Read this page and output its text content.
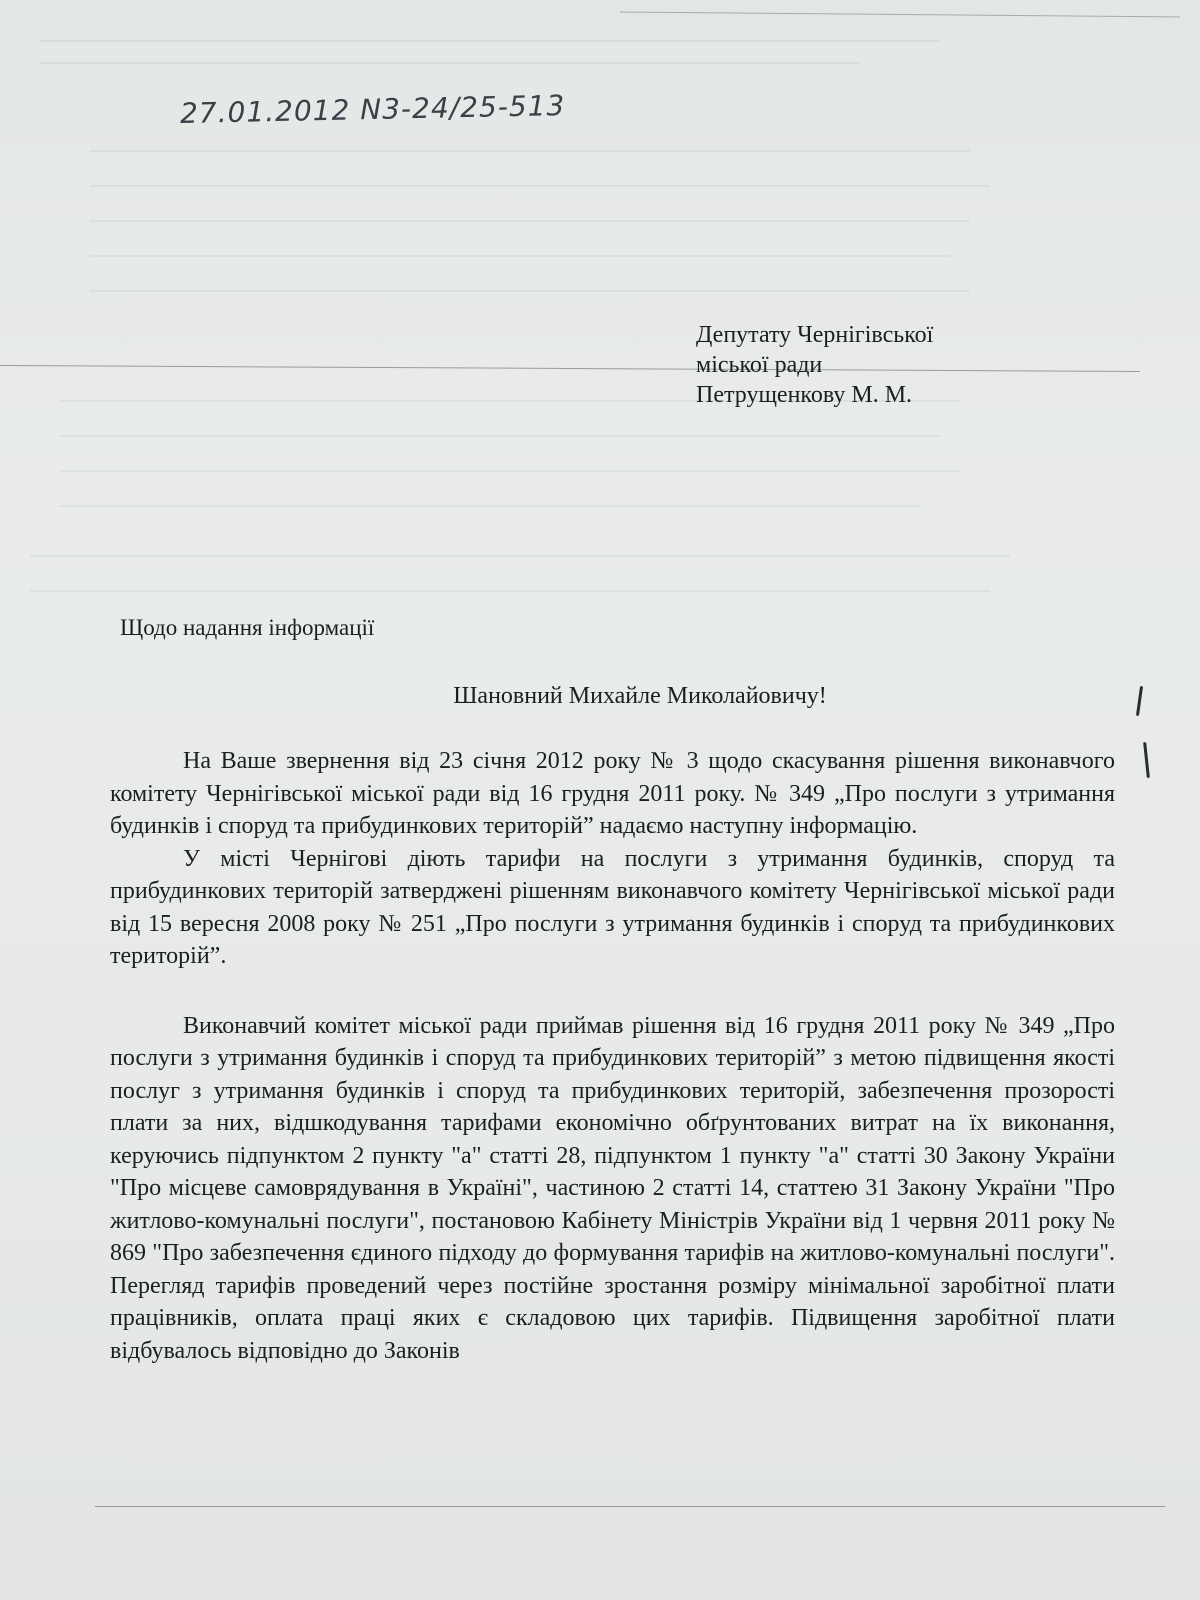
27.01.2012 N3-24/25-513
Депутату Чернігівської
міської ради
Петрущенкову М. М.
Щодо надання інформації
Шановний Михайле Миколайовичу!

На Ваше звернення від 23 січня 2012 року № 3 щодо скасування рішення виконавчого комітету Чернігівської міської ради від 16 грудня 2011 року. № 349 „Про послуги з утримання будинків і споруд та прибудинкових територій” надаємо наступну інформацію.

У місті Чернігові діють тарифи на послуги з утримання будинків, споруд та прибудинкових територій затверджені рішенням виконавчого комітету Чернігівської міської ради від 15 вересня 2008 року № 251 „Про послуги з утримання будинків і споруд та прибудинкових територій”.

Виконавчий комітет міської ради приймав рішення від 16 грудня 2011 року № 349 „Про послуги з утримання будинків і споруд та прибудинкових територій” з метою підвищення якості послуг з утримання будинків і споруд та прибудинкових територій, забезпечення прозорості плати за них, відшкодування тарифами економічно обґрунтованих витрат на їх виконання, керуючись підпунктом 2 пункту "а" статті 28, підпунктом 1 пункту "а" статті 30 Закону України "Про місцеве самоврядування в Україні", частиною 2 статті 14, статтею 31 Закону України "Про житлово-комунальні послуги", постановою Кабінету Міністрів України від 1 червня 2011 року № 869 "Про забезпечення єдиного підходу до формування тарифів на житлово-комунальні послуги". Перегляд тарифів проведений через постійне зростання розміру мінімальної заробітної плати працівників, оплата праці яких є складовою цих тарифів. Підвищення заробітної плати відбувалось відповідно до Законів
